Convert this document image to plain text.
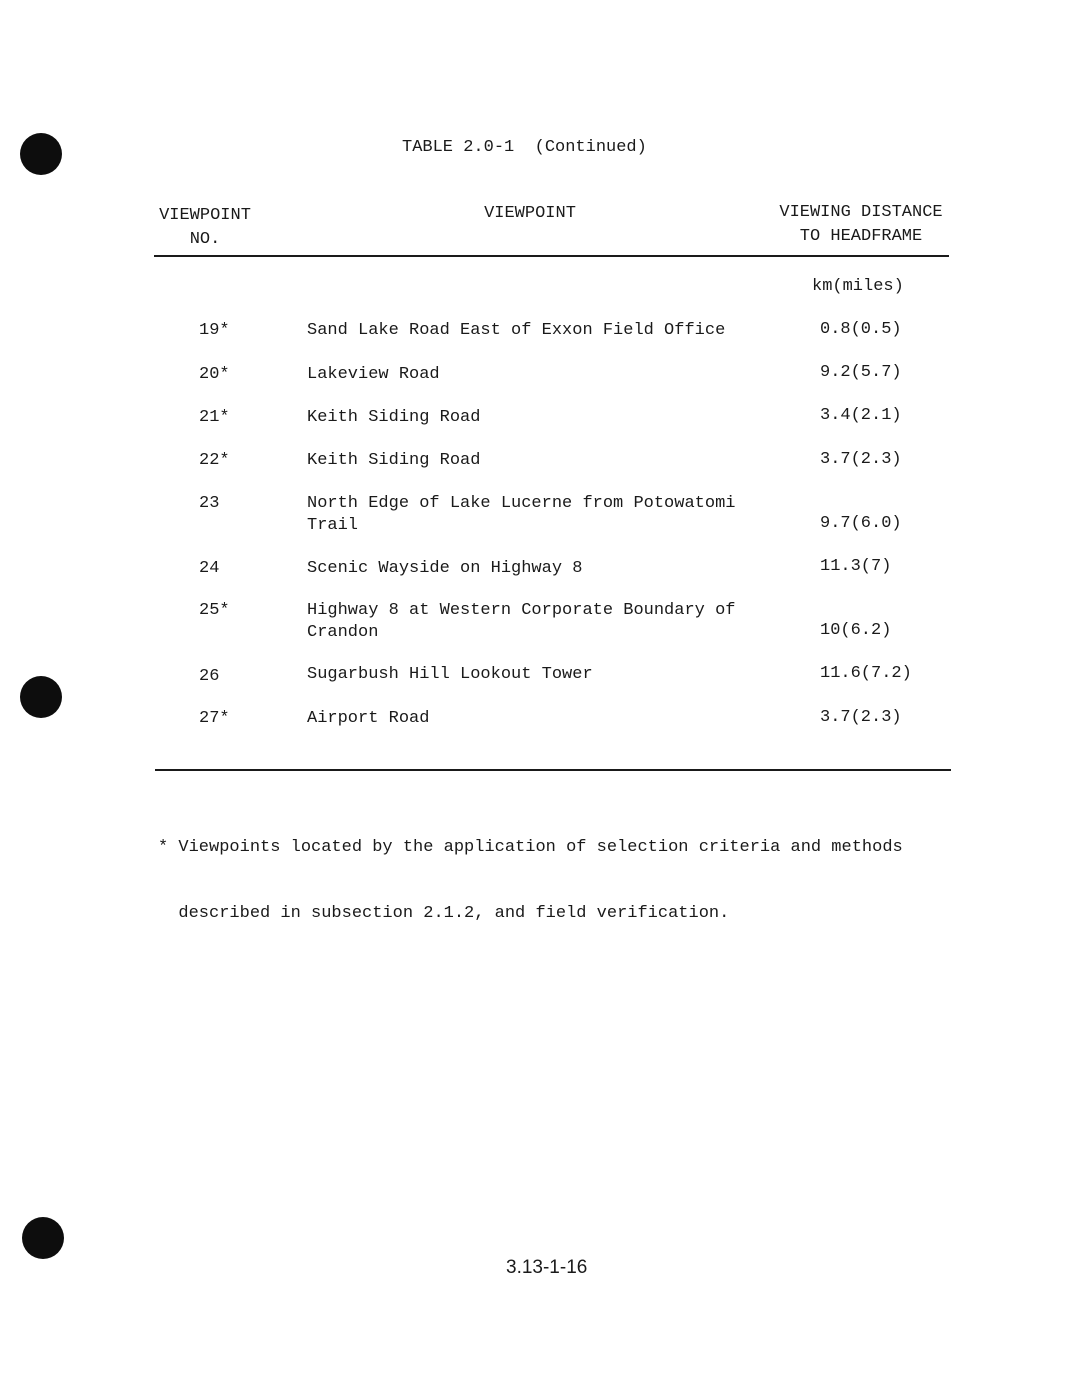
TABLE 2.0-1  (Continued)
VIEWPOINT
NO.
VIEWPOINT	VIEWING DISTANCE
TO HEADFRAME
km(miles)
19*	Sand Lake Road East of Exxon Field Office	0.8(0.5)
20*	Lakeview Road	9.2(5.7)
21*	Keith Siding Road	3.4(2.1)
22*	Keith Siding Road	3.7(2.3)
23	North Edge of Lake Lucerne from Potowatomi Trail	9.7(6.0)
24	Scenic Wayside on Highway 8	11.3(7)
25*	Highway 8 at Western Corporate Boundary of Crandon	10(6.2)
26	Sugarbush Hill Lookout Tower	11.6(7.2)
27*	Airport Road	3.7(2.3)

* Viewpoints located by the application of selection criteria and methods

described in subsection 2.1.2, and field verification.

3.13-1-16
